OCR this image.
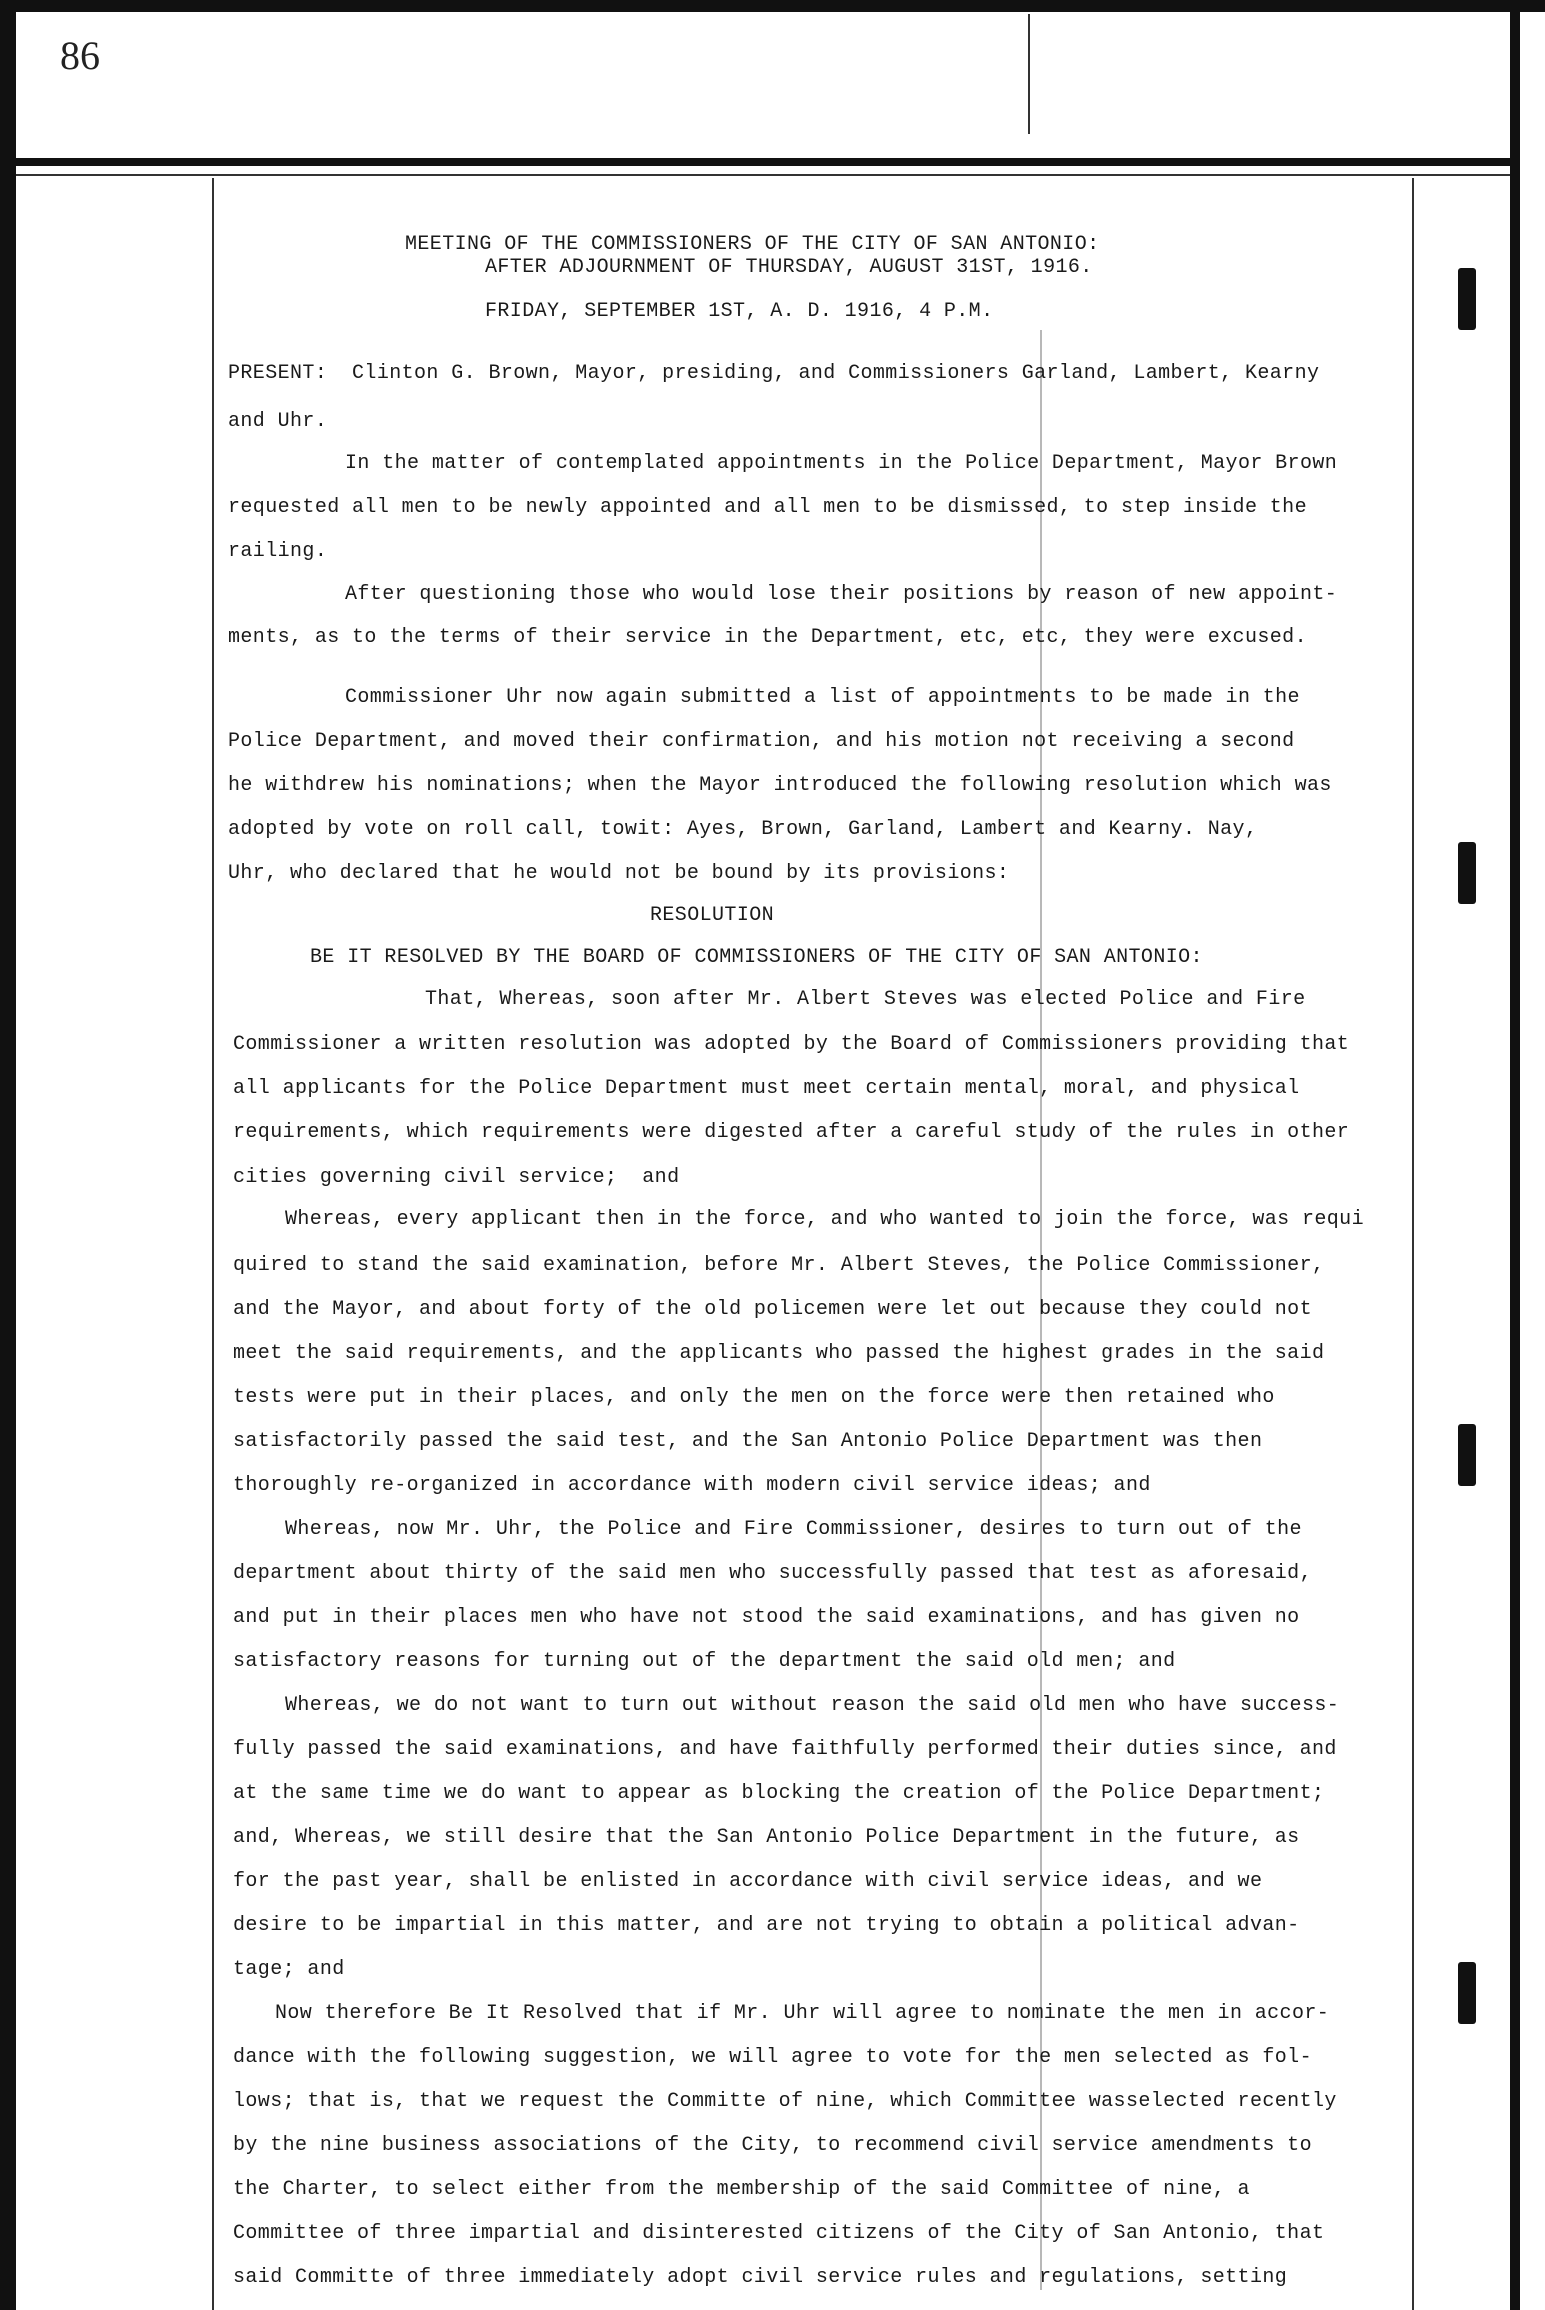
86
MEETING OF THE COMMISSIONERS OF THE CITY OF SAN ANTONIO:
AFTER ADJOURNMENT OF THURSDAY, AUGUST 31ST, 1916.
FRIDAY, SEPTEMBER 1ST, A. D. 1916, 4 P.M.
PRESENT:  Clinton G. Brown, Mayor, presiding, and Commissioners Garland, Lambert, Kearny
and Uhr.
In the matter of contemplated appointments in the Police Department, Mayor Brown
requested all men to be newly appointed and all men to be dismissed, to step inside the
railing.
After questioning those who would lose their positions by reason of new appoint-
ments, as to the terms of their service in the Department, etc, etc, they were excused.
Commissioner Uhr now again submitted a list of appointments to be made in the
Police Department, and moved their confirmation, and his motion not receiving a second
he withdrew his nominations; when the Mayor introduced the following resolution which was
adopted by vote on roll call, towit: Ayes, Brown, Garland, Lambert and Kearny. Nay,
Uhr, who declared that he would not be bound by its provisions:
RESOLUTION
BE IT RESOLVED BY THE BOARD OF COMMISSIONERS OF THE CITY OF SAN ANTONIO:
That, Whereas, soon after Mr. Albert Steves was elected Police and Fire
Commissioner a written resolution was adopted by the Board of Commissioners providing that
all applicants for the Police Department must meet certain mental, moral, and physical
requirements, which requirements were digested after a careful study of the rules in other
cities governing civil service;  and
Whereas, every applicant then in the force, and who wanted to join the force, was requi
quired to stand the said examination, before Mr. Albert Steves, the Police Commissioner,
and the Mayor, and about forty of the old policemen were let out because they could not
meet the said requirements, and the applicants who passed the highest grades in the said
tests were put in their places, and only the men on the force were then retained who
satisfactorily passed the said test, and the San Antonio Police Department was then
thoroughly re-organized in accordance with modern civil service ideas; and
Whereas, now Mr. Uhr, the Police and Fire Commissioner, desires to turn out of the
department about thirty of the said men who successfully passed that test as aforesaid,
and put in their places men who have not stood the said examinations, and has given no
satisfactory reasons for turning out of the department the said old men; and
Whereas, we do not want to turn out without reason the said old men who have success-
fully passed the said examinations, and have faithfully performed their duties since, and
at the same time we do want to appear as blocking the creation of the Police Department;
and, Whereas, we still desire that the San Antonio Police Department in the future, as
for the past year, shall be enlisted in accordance with civil service ideas, and we
desire to be impartial in this matter, and are not trying to obtain a political advan-
tage; and
Now therefore Be It Resolved that if Mr. Uhr will agree to nominate the men in accor-
dance with the following suggestion, we will agree to vote for the men selected as fol-
lows; that is, that we request the Committe of nine, which Committee wasselected recently
by the nine business associations of the City, to recommend civil service amendments to
the Charter, to select either from the membership of the said Committee of nine, a
Committee of three impartial and disinterested citizens of the City of San Antonio, that
said Committe of three immediately adopt civil service rules and regulations, setting
